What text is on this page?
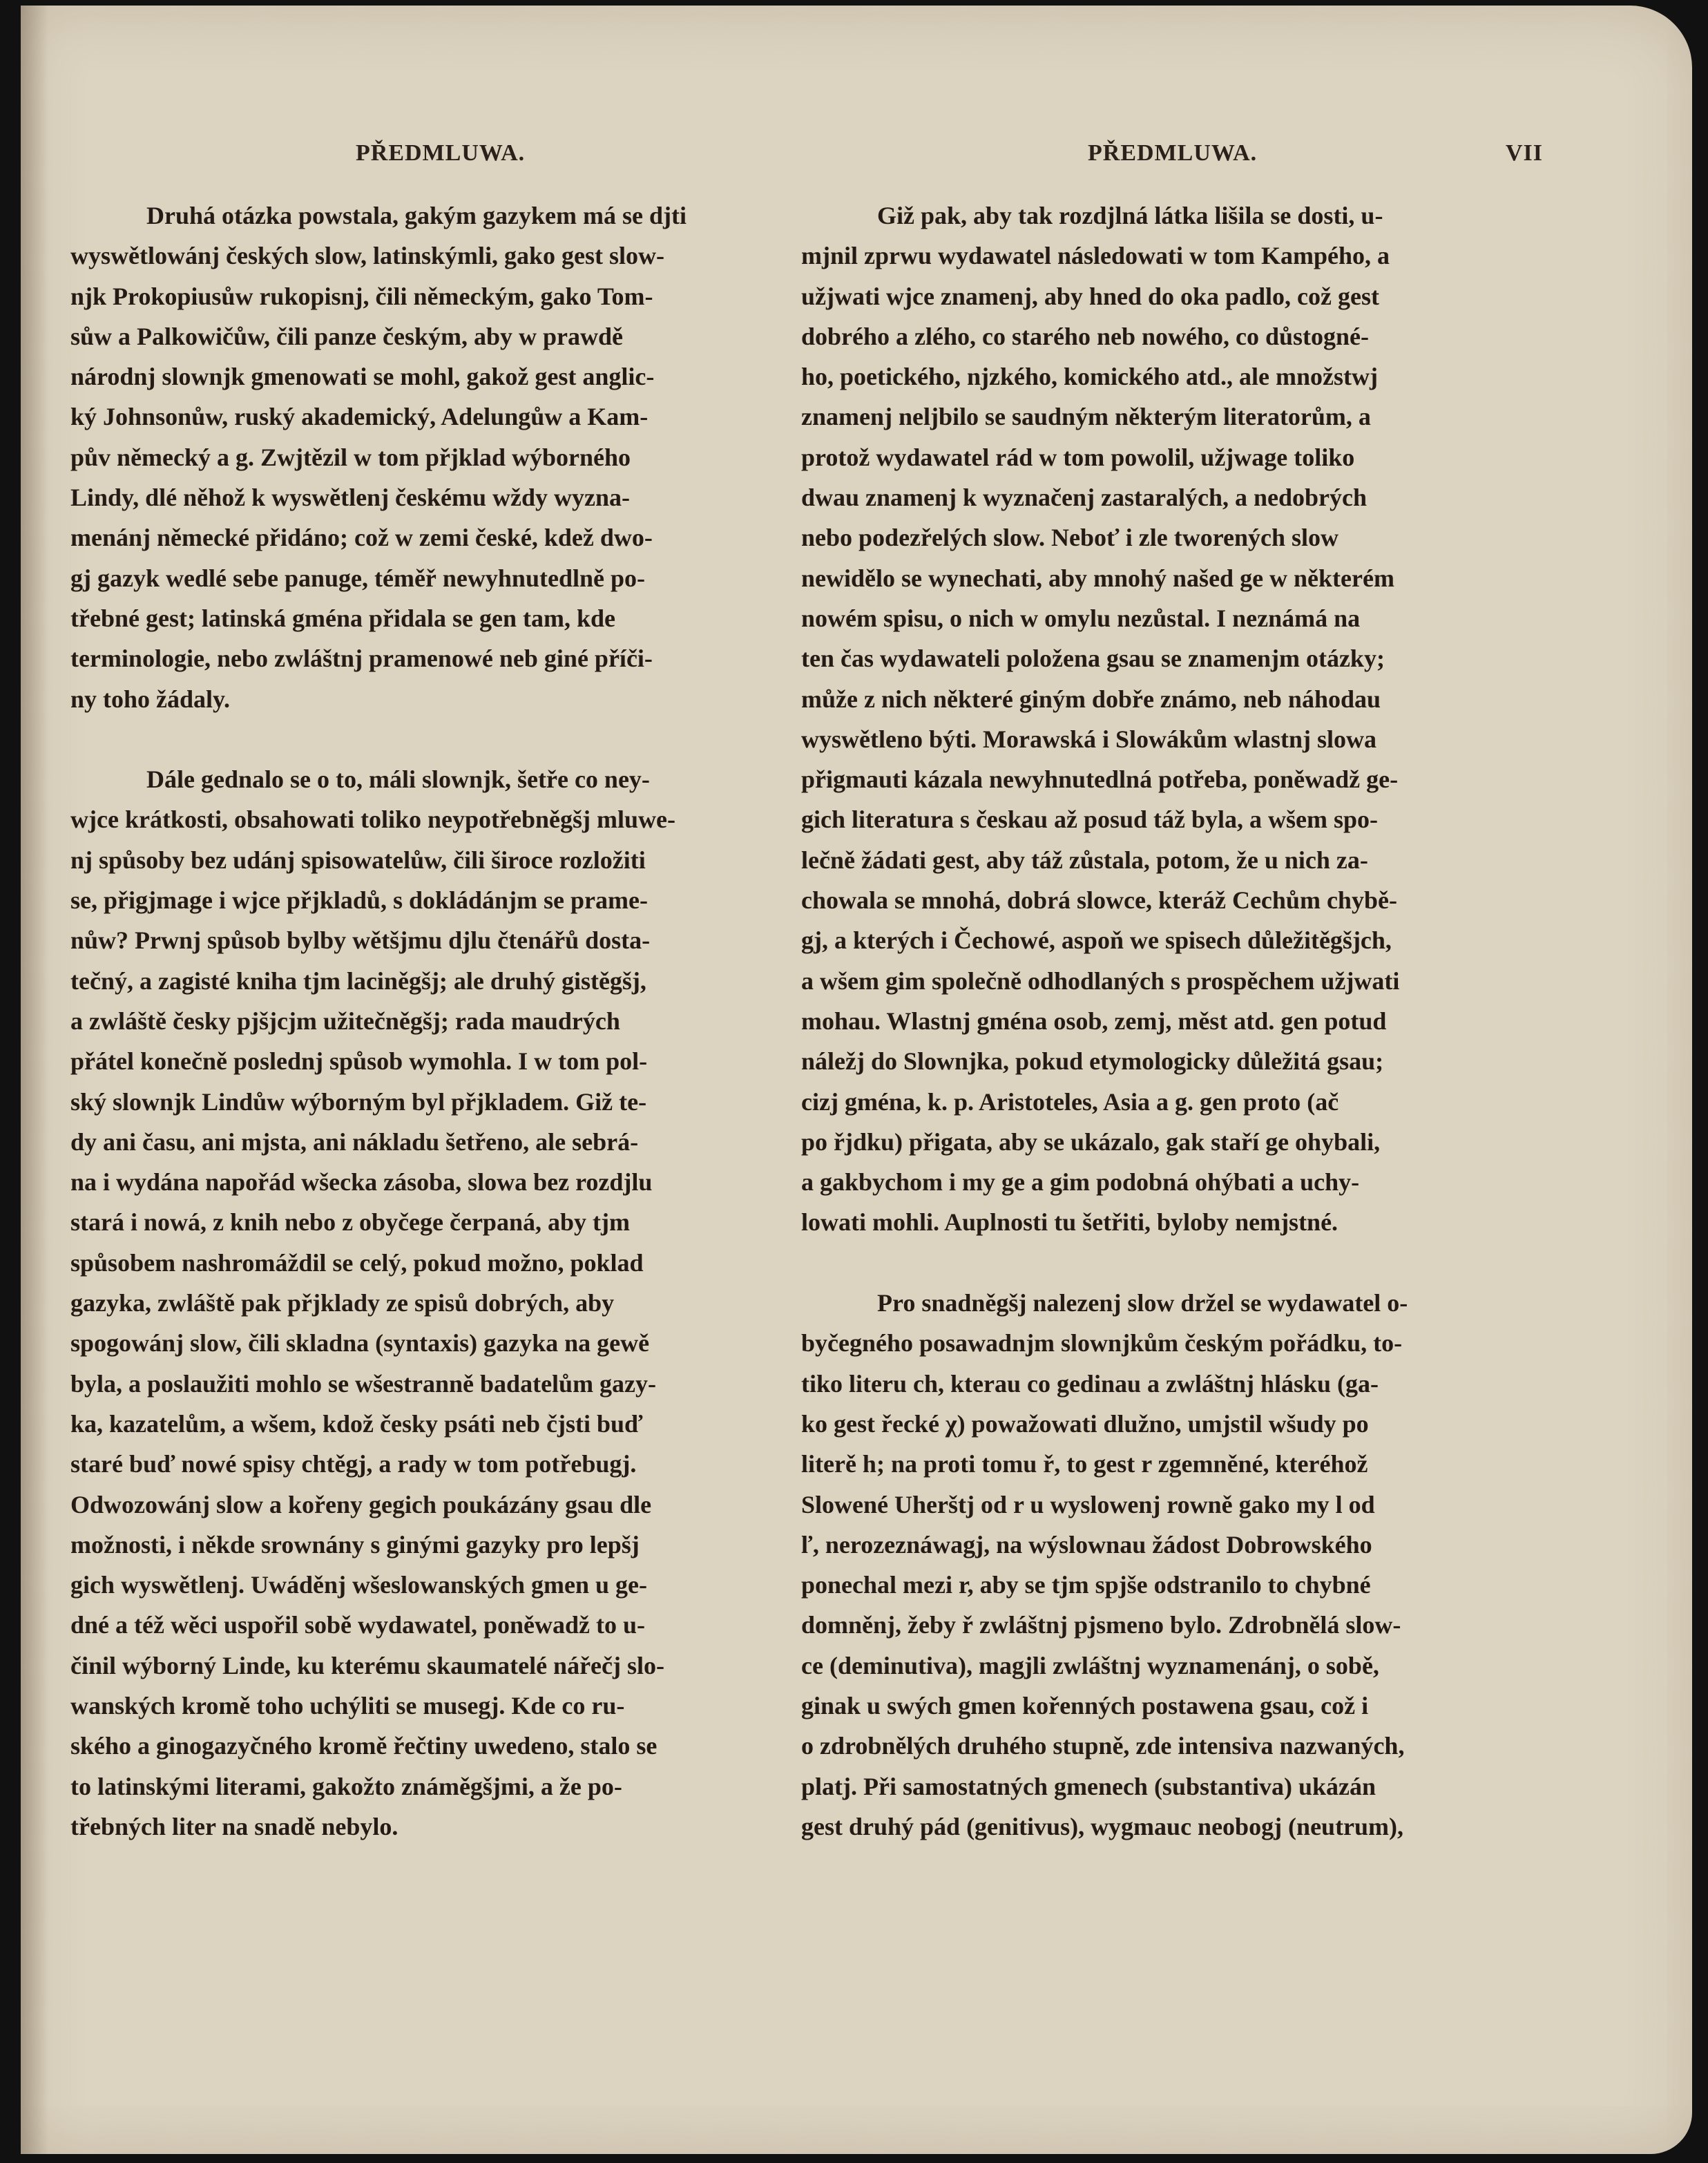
PŘEDMLUWA.	PŘEDMLUWA.	VII
Druhá otázka powstala, gakým gazykem má se djti
wyswětlowánj českých slow, latinskýmli, gako gest slow-
njk Prokopiusůw rukopisnj, čili německým, gako Tom-
sůw a Palkowičůw, čili panze českým, aby w prawdě
národnj slownjk gmenowati se mohl, gakož gest anglic-
ký Johnsonůw, ruský akademický, Adelungůw a Kam-
pův německý a g. Zwjtězil w tom přjklad wýborného
Lindy, dlé něhož k wyswětlenj českému wždy wyzna-
menánj německé přidáno; což w zemi české, kdež dwo-
gj gazyk wedlé sebe panuge, téměř newyhnutedlně po-
třebné gest; latinská gména přidala se gen tam, kde
terminologie, nebo zwláštnj pramenowé neb giné příči-
ny toho žádaly.
Dále gednalo se o to, máli slownjk, šetře co ney-
wjce krátkosti, obsahowati toliko neypotřebněgšj mluwe-
nj spůsoby bez udánj spisowatelůw, čili široce rozložiti
se, přigjmage i wjce přjkladů, s dokládánjm se prame-
nůw? Prwnj spůsob bylby wětšjmu djlu čtenářů dosta-
tečný, a zagisté kniha tjm laciněgšj; ale druhý gistěgšj,
a zwláště česky pjšjcjm užitečněgšj; rada maudrých
přátel konečně poslednj spůsob wymohla. I w tom pol-
ský slownjk Lindůw wýborným byl přjkladem. Giž te-
dy ani času, ani mjsta, ani nákladu šetřeno, ale sebrá-
na i wydána napořád wšecka zásoba, slowa bez rozdjlu
stará i nowá, z knih nebo z obyčege čerpaná, aby tjm
spůsobem nashromáždil se celý, pokud možno, poklad
gazyka, zwláště pak přjklady ze spisů dobrých, aby
spogowánj slow, čili skladna (syntaxis) gazyka na gewě
byla, a poslaužiti mohlo se wšestranně badatelům gazy-
ka, kazatelům, a wšem, kdož česky psáti neb čjsti buď
staré buď nowé spisy chtěgj, a rady w tom potřebugj.
Odwozowánj slow a kořeny gegich poukázány gsau dle
možnosti, i někde srownány s ginými gazyky pro lepšj
gich wyswětlenj. Uwáděnj wšeslowanských gmen u ge-
dné a též wěci uspořil sobě wydawatel, poněwadž to u-
činil wýborný Linde, ku kterému skaumatelé nářečj slo-
wanských kromě toho uchýliti se musegj. Kde co ru-
ského a ginogazyčného kromě řečtiny uwedeno, stalo se
to latinskými literami, gakožto známěgšjmi, a že po-
třebných liter na snadě nebylo.
Giž pak, aby tak rozdjlná látka lišila se dosti, u-
mjnil zprwu wydawatel následowati w tom Kampého, a
užjwati wjce znamenj, aby hned do oka padlo, což gest
dobrého a zlého, co starého neb nowého, co důstogné-
ho, poetického, njzkého, komického atd., ale množstwj
znamenj neljbilo se saudným některým literatorům, a
protož wydawatel rád w tom powolil, užjwage toliko
dwau znamenj k wyznačenj zastaralých, a nedobrých
nebo podezřelých slow. Neboť i zle tworených slow
newidělo se wynechati, aby mnohý našed ge w některém
nowém spisu, o nich w omylu nezůstal. I neznámá na
ten čas wydawateli položena gsau se znamenjm otázky;
může z nich některé giným dobře známo, neb náhodau
wyswětleno býti. Morawská i Slowákům wlastnj slowa
přigmauti kázala newyhnutedlná potřeba, poněwadž ge-
gich literatura s českau až posud táž byla, a wšem spo-
lečně žádati gest, aby táž zůstala, potom, že u nich za-
chowala se mnohá, dobrá slowce, kteráž Cechům chybě-
gj, a kterých i Čechowé, aspoň we spisech důležitěgšjch,
a wšem gim společně odhodlaných s prospěchem užjwati
mohau. Wlastnj gména osob, zemj, měst atd. gen potud
náležj do Slownjka, pokud etymologicky důležitá gsau;
cizj gména, k. p. Aristoteles, Asia a g. gen proto (ač
po řjdku) přigata, aby se ukázalo, gak staří ge ohybali,
a gakbychom i my ge a gim podobná ohýbati a uchy-
lowati mohli. Auplnosti tu šetřiti, byloby nemjstné.
Pro snadněgšj nalezenj slow držel se wydawatel o-
byčegného posawadnjm slownjkům českým pořádku, to-
tiko literu ch, kterau co gedinau a zwláštnj hlásku (ga-
ko gest řecké χ) powažowati dlužno, umjstil wšudy po
literě h; na proti tomu ř, to gest r zgemněné, kteréhož
Slowené Uherštj od r u wyslowenj rowně gako my l od
ľ, nerozeznáwagj, na wýslownau žádost Dobrowského
ponechal mezi r, aby se tjm spjše odstranilo to chybné
domněnj, žeby ř zwláštnj pjsmeno bylo. Zdrobnělá slow-
ce (deminutiva), magjli zwláštnj wyznamenánj, o sobě,
ginak u swých gmen kořenných postawena gsau, což i
o zdrobnělých druhého stupně, zde intensiva nazwaných,
platj. Při samostatných gmenech (substantiva) ukázán
gest druhý pád (genitivus), wygmauc neobogj (neutrum),
